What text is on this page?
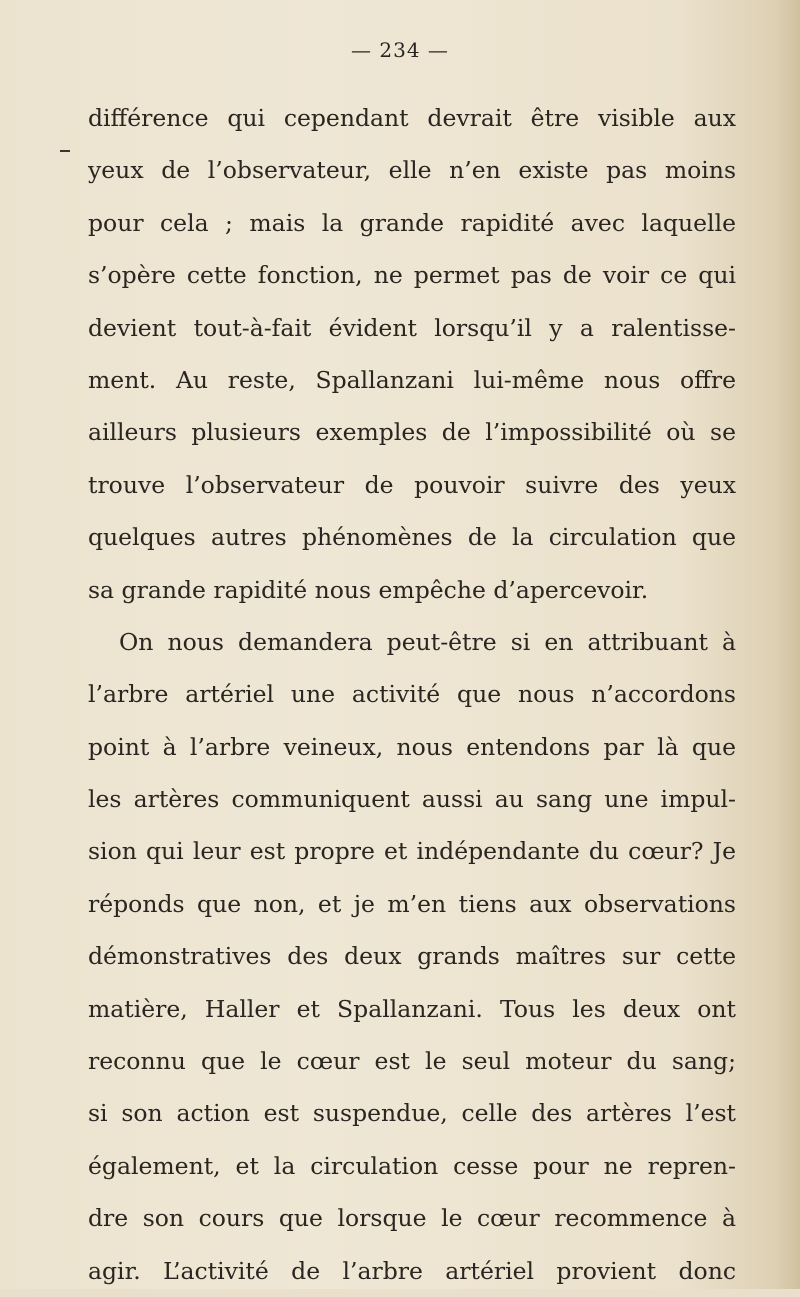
— 234 —
différence qui cependant devrait être visible aux
yeux de l’observateur, elle n’en existe pas moins
pour cela ; mais la grande rapidité avec laquelle
s’opère cette fonction, ne permet pas de voir ce qui
devient tout-à-fait évident lorsqu’il y a ralentisse-
ment. Au reste, Spallanzani lui-même nous offre
ailleurs plusieurs exemples de l’impossibilité où se
trouve l’observateur de pouvoir suivre des yeux
quelques autres phénomènes de la circulation que
sa grande rapidité nous empêche d’apercevoir.
On nous demandera peut-être si en attribuant à
l’arbre artériel une activité que nous n’accordons
point à l’arbre veineux, nous entendons par là que
les artères communiquent aussi au sang une impul-
sion qui leur est propre et indépendante du cœur? Je
réponds que non, et je m’en tiens aux observations
démonstratives des deux grands maîtres sur cette
matière, Haller et Spallanzani. Tous les deux ont
reconnu que le cœur est le seul moteur du sang;
si son action est suspendue, celle des artères l’est
également, et la circulation cesse pour ne repren-
dre son cours que lorsque le cœur recommence à
agir. L’activité de l’arbre artériel provient donc
